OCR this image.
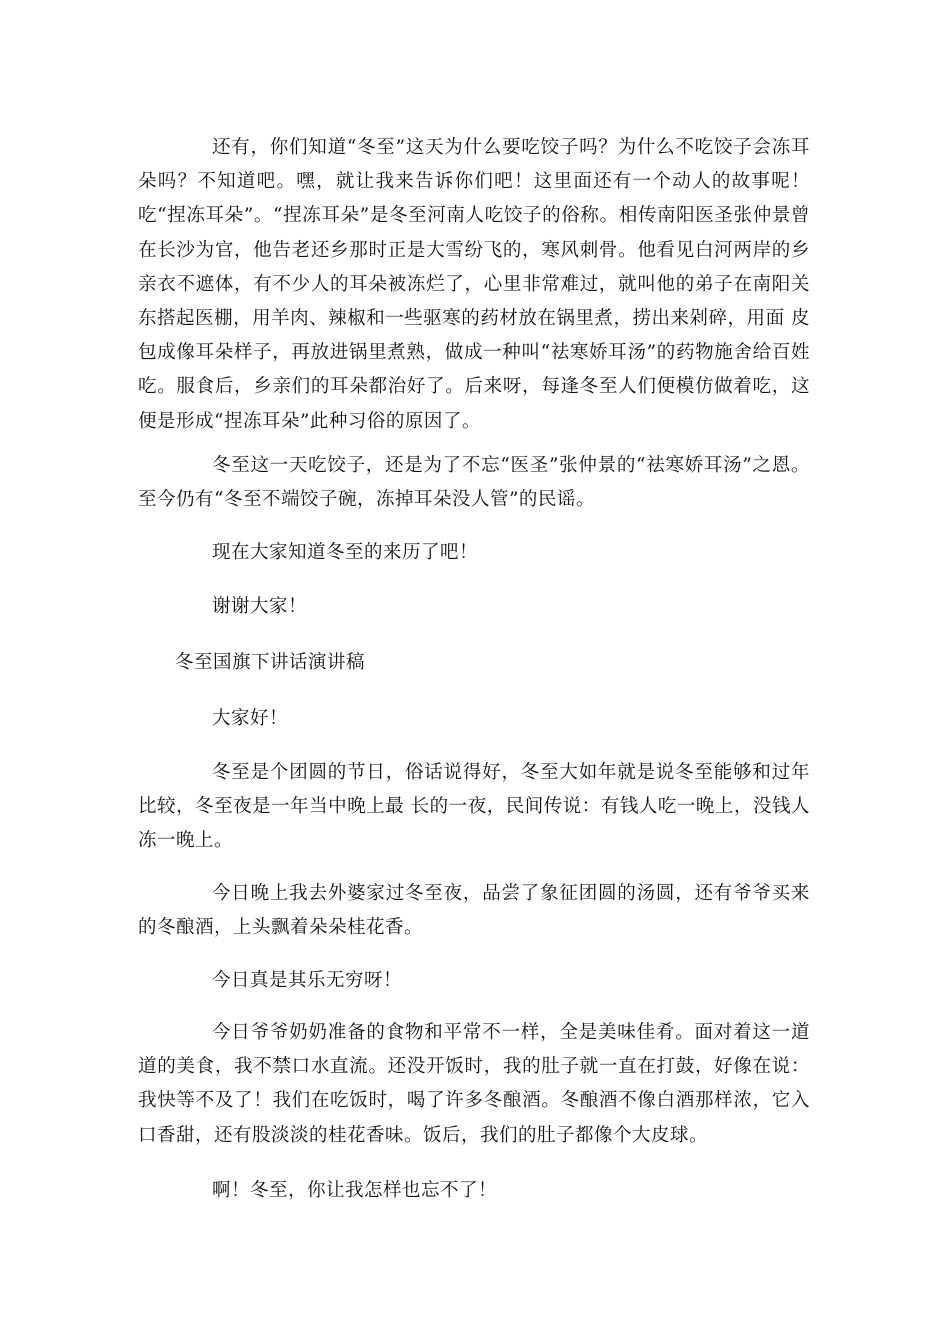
还有，你们知道“冬至”这天为什么要吃饺子吗？为什么不吃饺子会冻耳朵吗？不知道吧。嘿，就让我来告诉你们吧！这里面还有一个动人的故事呢！吃“捏冻耳朵”。“捏冻耳朵”是冬至河南人吃饺子的俗称。相传南阳医圣张仲景曾在长沙为官，他告老还乡那时正是大雪纷飞的，寒风刺骨。他看见白河两岸的乡亲衣不遮体，有不少人的耳朵被冻烂了，心里非常难过，就叫他的弟子在南阳关东搭起医棚，用羊肉、辣椒和一些驱寒的药材放在锅里煮，捞出来剁碎，用面 皮包成像耳朵样子，再放进锅里煮熟，做成一种叫“祛寒娇耳汤”的药物施舍给百姓吃。服食后，乡亲们的耳朵都治好了。后来呀，每逢冬至人们便模仿做着吃，这便是形成“捏冻耳朵”此种习俗的原因了。

冬至这一天吃饺子，还是为了不忘“医圣”张仲景的“祛寒娇耳汤”之恩。至今仍有“冬至不端饺子碗，冻掉耳朵没人管”的民谣。

现在大家知道冬至的来历了吧！

谢谢大家！

冬至国旗下讲话演讲稿

大家好！

冬至是个团圆的节日，俗话说得好，冬至大如年就是说冬至能够和过年比较，冬至夜是一年当中晚上最 长的一夜，民间传说：有钱人吃一晚上，没钱人冻一晚上。

今日晚上我去外婆家过冬至夜，品尝了象征团圆的汤圆，还有爷爷买来的冬酿酒，上头飘着朵朵桂花香。

今日真是其乐无穷呀！

今日爷爷奶奶准备的食物和平常不一样，全是美味佳肴。面对着这一道道的美食，我不禁口水直流。还没开饭时，我的肚子就一直在打鼓，好像在说：我快等不及了！我们在吃饭时，喝了许多冬酿酒。冬酿酒不像白酒那样浓，它入口香甜，还有股淡淡的桂花香味。饭后，我们的肚子都像个大皮球。

啊！冬至，你让我怎样也忘不了！
